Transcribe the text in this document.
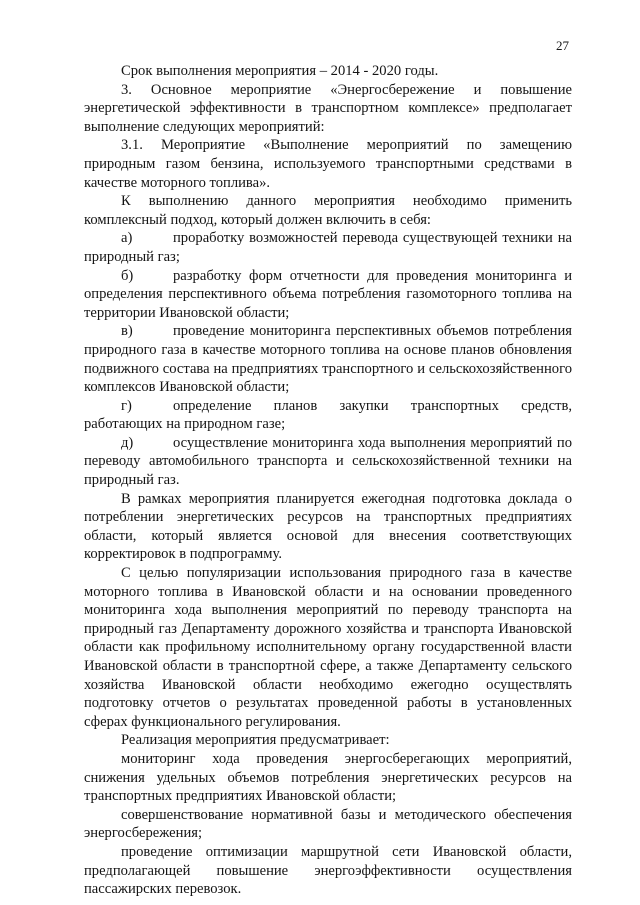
27

Срок выполнения мероприятия – 2014 - 2020 годы.

3. Основное мероприятие «Энергосбережение и повышение энергетической эффективности в транспортном комплексе» предполагает выполнение следующих мероприятий:

3.1. Мероприятие «Выполнение мероприятий по замещению природным газом бензина, используемого транспортными средствами в качестве моторного топлива».

К выполнению данного мероприятия необходимо применить комплексный подход, который должен включить в себя:

а)	проработку возможностей перевода существующей техники на природный газ;

б)	разработку форм отчетности для проведения мониторинга и определения перспективного объема потребления газомоторного топлива на территории Ивановской области;

в)	проведение мониторинга перспективных объемов потребления природного газа в качестве моторного топлива на основе планов обновления подвижного состава на предприятиях транспортного и сельскохозяйственного комплексов Ивановской области;

г)	определение планов закупки транспортных средств, работающих на природном газе;

д)	осуществление мониторинга хода выполнения мероприятий по переводу автомобильного транспорта и сельскохозяйственной техники на природный газ.

В рамках мероприятия планируется ежегодная подготовка доклада о потреблении энергетических ресурсов на транспортных предприятиях области, который является основой для внесения соответствующих корректировок в подпрограмму.

С целью популяризации использования природного газа в качестве моторного топлива в Ивановской области и на основании проведенного мониторинга хода выполнения мероприятий по переводу транспорта на природный газ Департаменту дорожного хозяйства и транспорта Ивановской области как профильному исполнительному органу государственной власти Ивановской области в транспортной сфере, а также Департаменту сельского хозяйства Ивановской области необходимо ежегодно осуществлять подготовку отчетов о результатах проведенной работы в установленных сферах функционального регулирования.

Реализация мероприятия предусматривает:

мониторинг хода проведения энергосберегающих мероприятий, снижения удельных объемов потребления энергетических ресурсов на транспортных предприятиях Ивановской области;

совершенствование нормативной базы и методического обеспечения энергосбережения;

проведение оптимизации маршрутной сети Ивановской области, предполагающей повышение энергоэффективности осуществления пассажирских перевозок.
